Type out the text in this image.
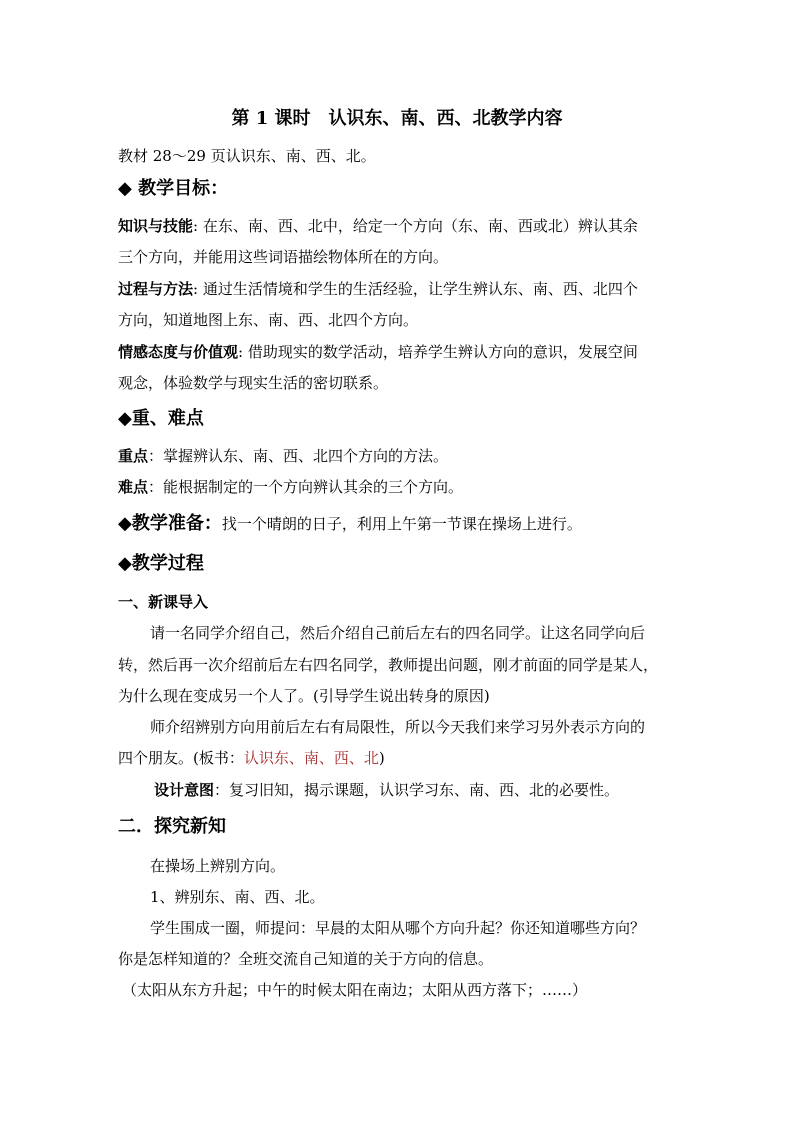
第 1 课时　认识东、南、西、北教学内容
教材 28～29 页认识东、南、西、北。
◆ 教学目标：
知识与技能: 在东、南、西、北中，给定一个方向（东、南、西或北）辨认其余
三个方向，并能用这些词语描绘物体所在的方向。
过程与方法: 通过生活情境和学生的生活经验，让学生辨认东、南、西、北四个
方向，知道地图上东、南、西、北四个方向。
情感态度与价值观: 借助现实的数学活动，培养学生辨认方向的意识，发展空间
观念，体验数学与现实生活的密切联系。
◆重、难点
重点：掌握辨认东、南、西、北四个方向的方法。
难点：能根据制定的一个方向辨认其余的三个方向。
◆教学准备：找一个晴朗的日子，利用上午第一节课在操场上进行。
◆教学过程
一、新课导入
请一名同学介绍自己，然后介绍自己前后左右的四名同学。让这名同学向后
转，然后再一次介绍前后左右四名同学，教师提出问题，刚才前面的同学是某人，
为什么现在变成另一个人了。(引导学生说出转身的原因)
师介绍辨别方向用前后左右有局限性，所以今天我们来学习另外表示方向的
四个朋友。(板书：认识东、南、西、北)
设计意图：复习旧知，揭示课题，认识学习东、南、西、北的必要性。
二．探究新知
在操场上辨别方向。
1、辨别东、南、西、北。
学生围成一圈，师提问：早晨的太阳从哪个方向升起？你还知道哪些方向？
你是怎样知道的？全班交流自己知道的关于方向的信息。
（太阳从东方升起；中午的时候太阳在南边；太阳从西方落下；……）
